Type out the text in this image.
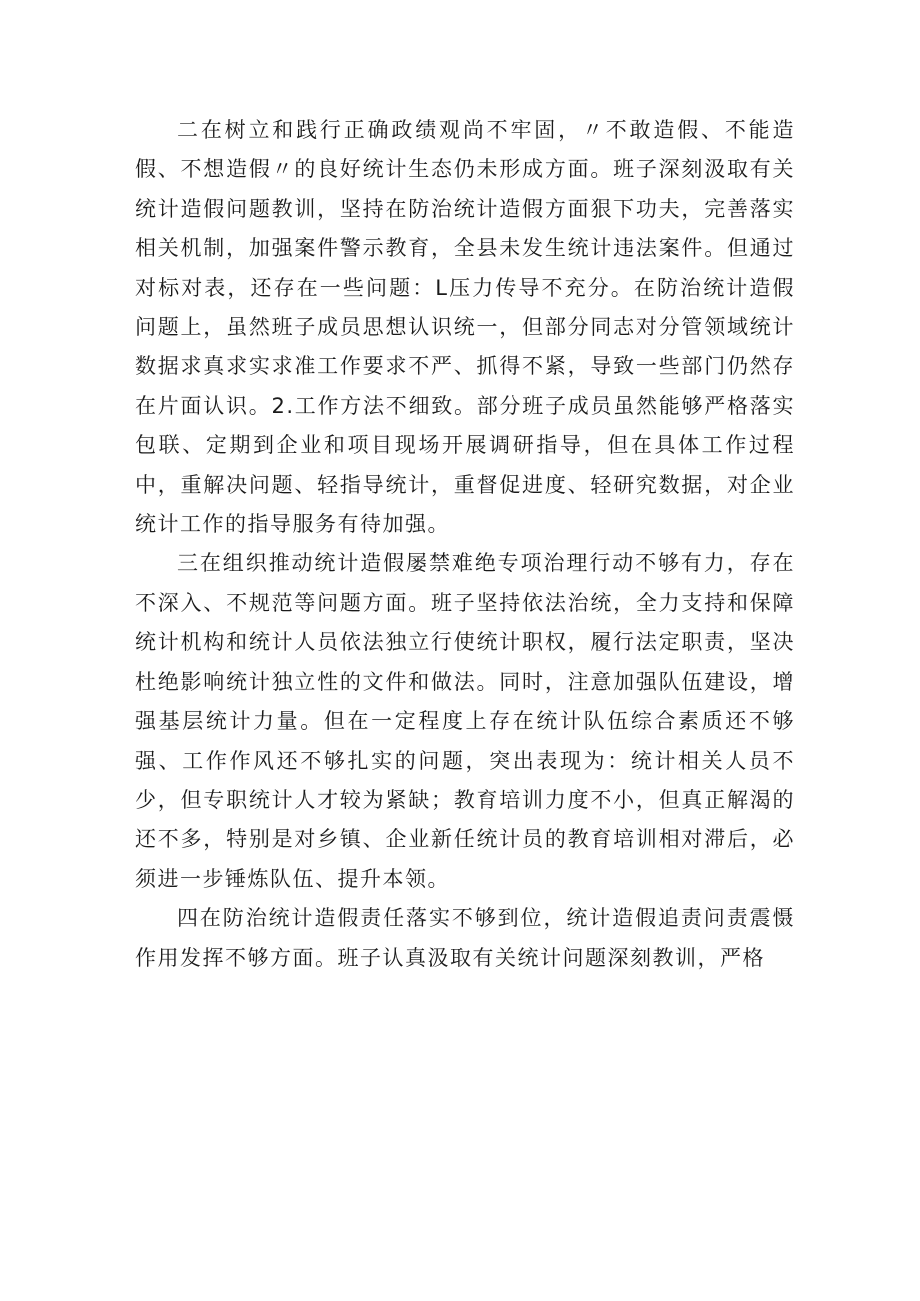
二在树立和践行正确政绩观尚不牢固，〃不敢造假、不能造假、不想造假〃的良好统计生态仍未形成方面。班子深刻汲取有关统计造假问题教训，坚持在防治统计造假方面狠下功夫，完善落实相关机制，加强案件警示教育，全县未发生统计违法案件。但通过对标对表，还存在一些问题：L压力传导不充分。在防治统计造假问题上，虽然班子成员思想认识统一，但部分同志对分管领域统计数据求真求实求准工作要求不严、抓得不紧，导致一些部门仍然存在片面认识。2.工作方法不细致。部分班子成员虽然能够严格落实包联、定期到企业和项目现场开展调研指导，但在具体工作过程中，重解决问题、轻指导统计，重督促进度、轻研究数据，对企业统计工作的指导服务有待加强。

三在组织推动统计造假屡禁难绝专项治理行动不够有力，存在不深入、不规范等问题方面。班子坚持依法治统，全力支持和保障统计机构和统计人员依法独立行使统计职权，履行法定职责，坚决杜绝影响统计独立性的文件和做法。同时，注意加强队伍建设，增强基层统计力量。但在一定程度上存在统计队伍综合素质还不够强、工作作风还不够扎实的问题，突出表现为：统计相关人员不少，但专职统计人才较为紧缺；教育培训力度不小，但真正解渴的还不多，特别是对乡镇、企业新任统计员的教育培训相对滞后，必须进一步锤炼队伍、提升本领。

四在防治统计造假责任落实不够到位，统计造假追责问责震慑作用发挥不够方面。班子认真汲取有关统计问题深刻教训，严格
